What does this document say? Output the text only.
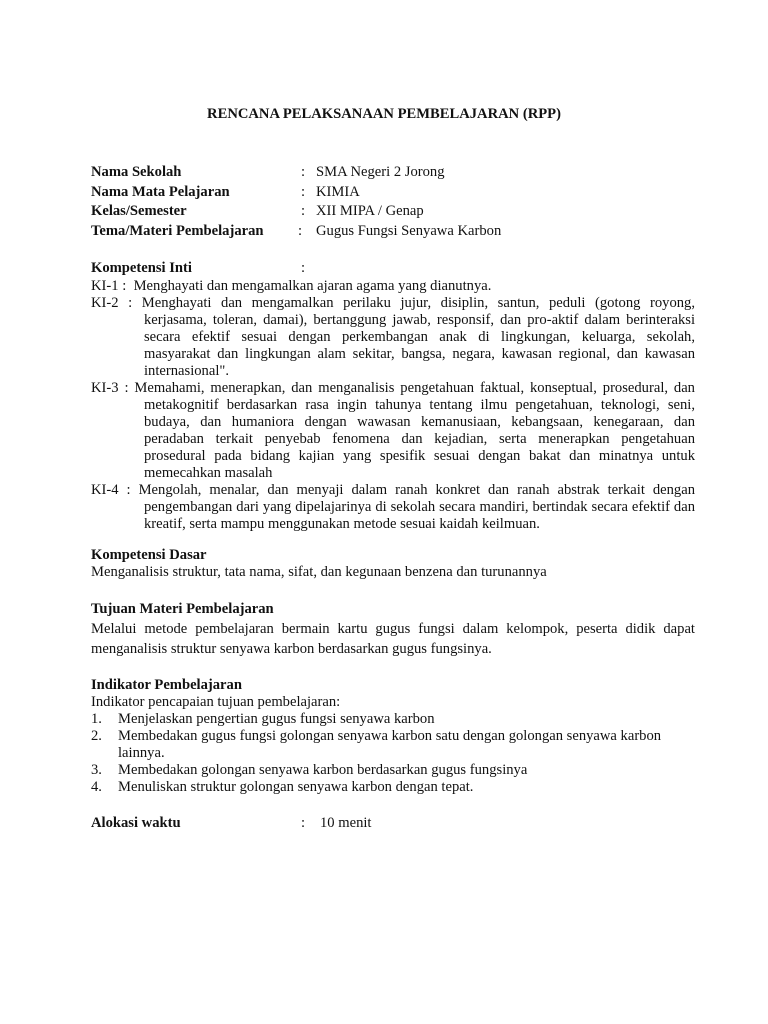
RENCANA PELAKSANAAN PEMBELAJARAN (RPP)
Nama Sekolah	: SMA Negeri 2 Jorong
Nama Mata Pelajaran	: KIMIA
Kelas/Semester	: XII MIPA / Genap
Tema/Materi Pembelajaran : Gugus Fungsi Senyawa Karbon
Kompetensi Inti	:
KI-1 : Menghayati dan mengamalkan ajaran agama yang dianutnya.
KI-2 : Menghayati dan mengamalkan perilaku jujur, disiplin, santun, peduli (gotong royong, kerjasama, toleran, damai), bertanggung jawab, responsif, dan pro-aktif dalam berinteraksi secara efektif sesuai dengan perkembangan anak di lingkungan, keluarga, sekolah, masyarakat dan lingkungan alam sekitar, bangsa, negara, kawasan regional, dan kawasan internasional".
KI-3 : Memahami, menerapkan, dan menganalisis pengetahuan faktual, konseptual, prosedural, dan metakognitif berdasarkan rasa ingin tahunya tentang ilmu pengetahuan, teknologi, seni, budaya, dan humaniora dengan wawasan kemanusiaan, kebangsaan, kenegaraan, dan peradaban terkait penyebab fenomena dan kejadian, serta menerapkan pengetahuan prosedural pada bidang kajian yang spesifik sesuai dengan bakat dan minatnya untuk memecahkan masalah
KI-4 : Mengolah, menalar, dan menyaji dalam ranah konkret dan ranah abstrak terkait dengan pengembangan dari yang dipelajarinya di sekolah secara mandiri, bertindak secara efektif dan kreatif, serta mampu menggunakan metode sesuai kaidah keilmuan.
Kompetensi Dasar
Menganalisis struktur, tata nama, sifat, dan kegunaan benzena dan turunannya
Tujuan Materi Pembelajaran
Melalui metode pembelajaran bermain kartu gugus fungsi dalam kelompok, peserta didik dapat menganalisis struktur senyawa karbon berdasarkan gugus fungsinya.
Indikator Pembelajaran
Indikator pencapaian tujuan pembelajaran:
1.	Menjelaskan pengertian gugus fungsi senyawa karbon
2.	Membedakan gugus fungsi golongan senyawa karbon satu dengan golongan senyawa karbon lainnya.
3.	Membedakan golongan senyawa karbon berdasarkan gugus fungsinya
4.	Menuliskan struktur golongan senyawa karbon dengan tepat.
Alokasi waktu	: 10 menit
